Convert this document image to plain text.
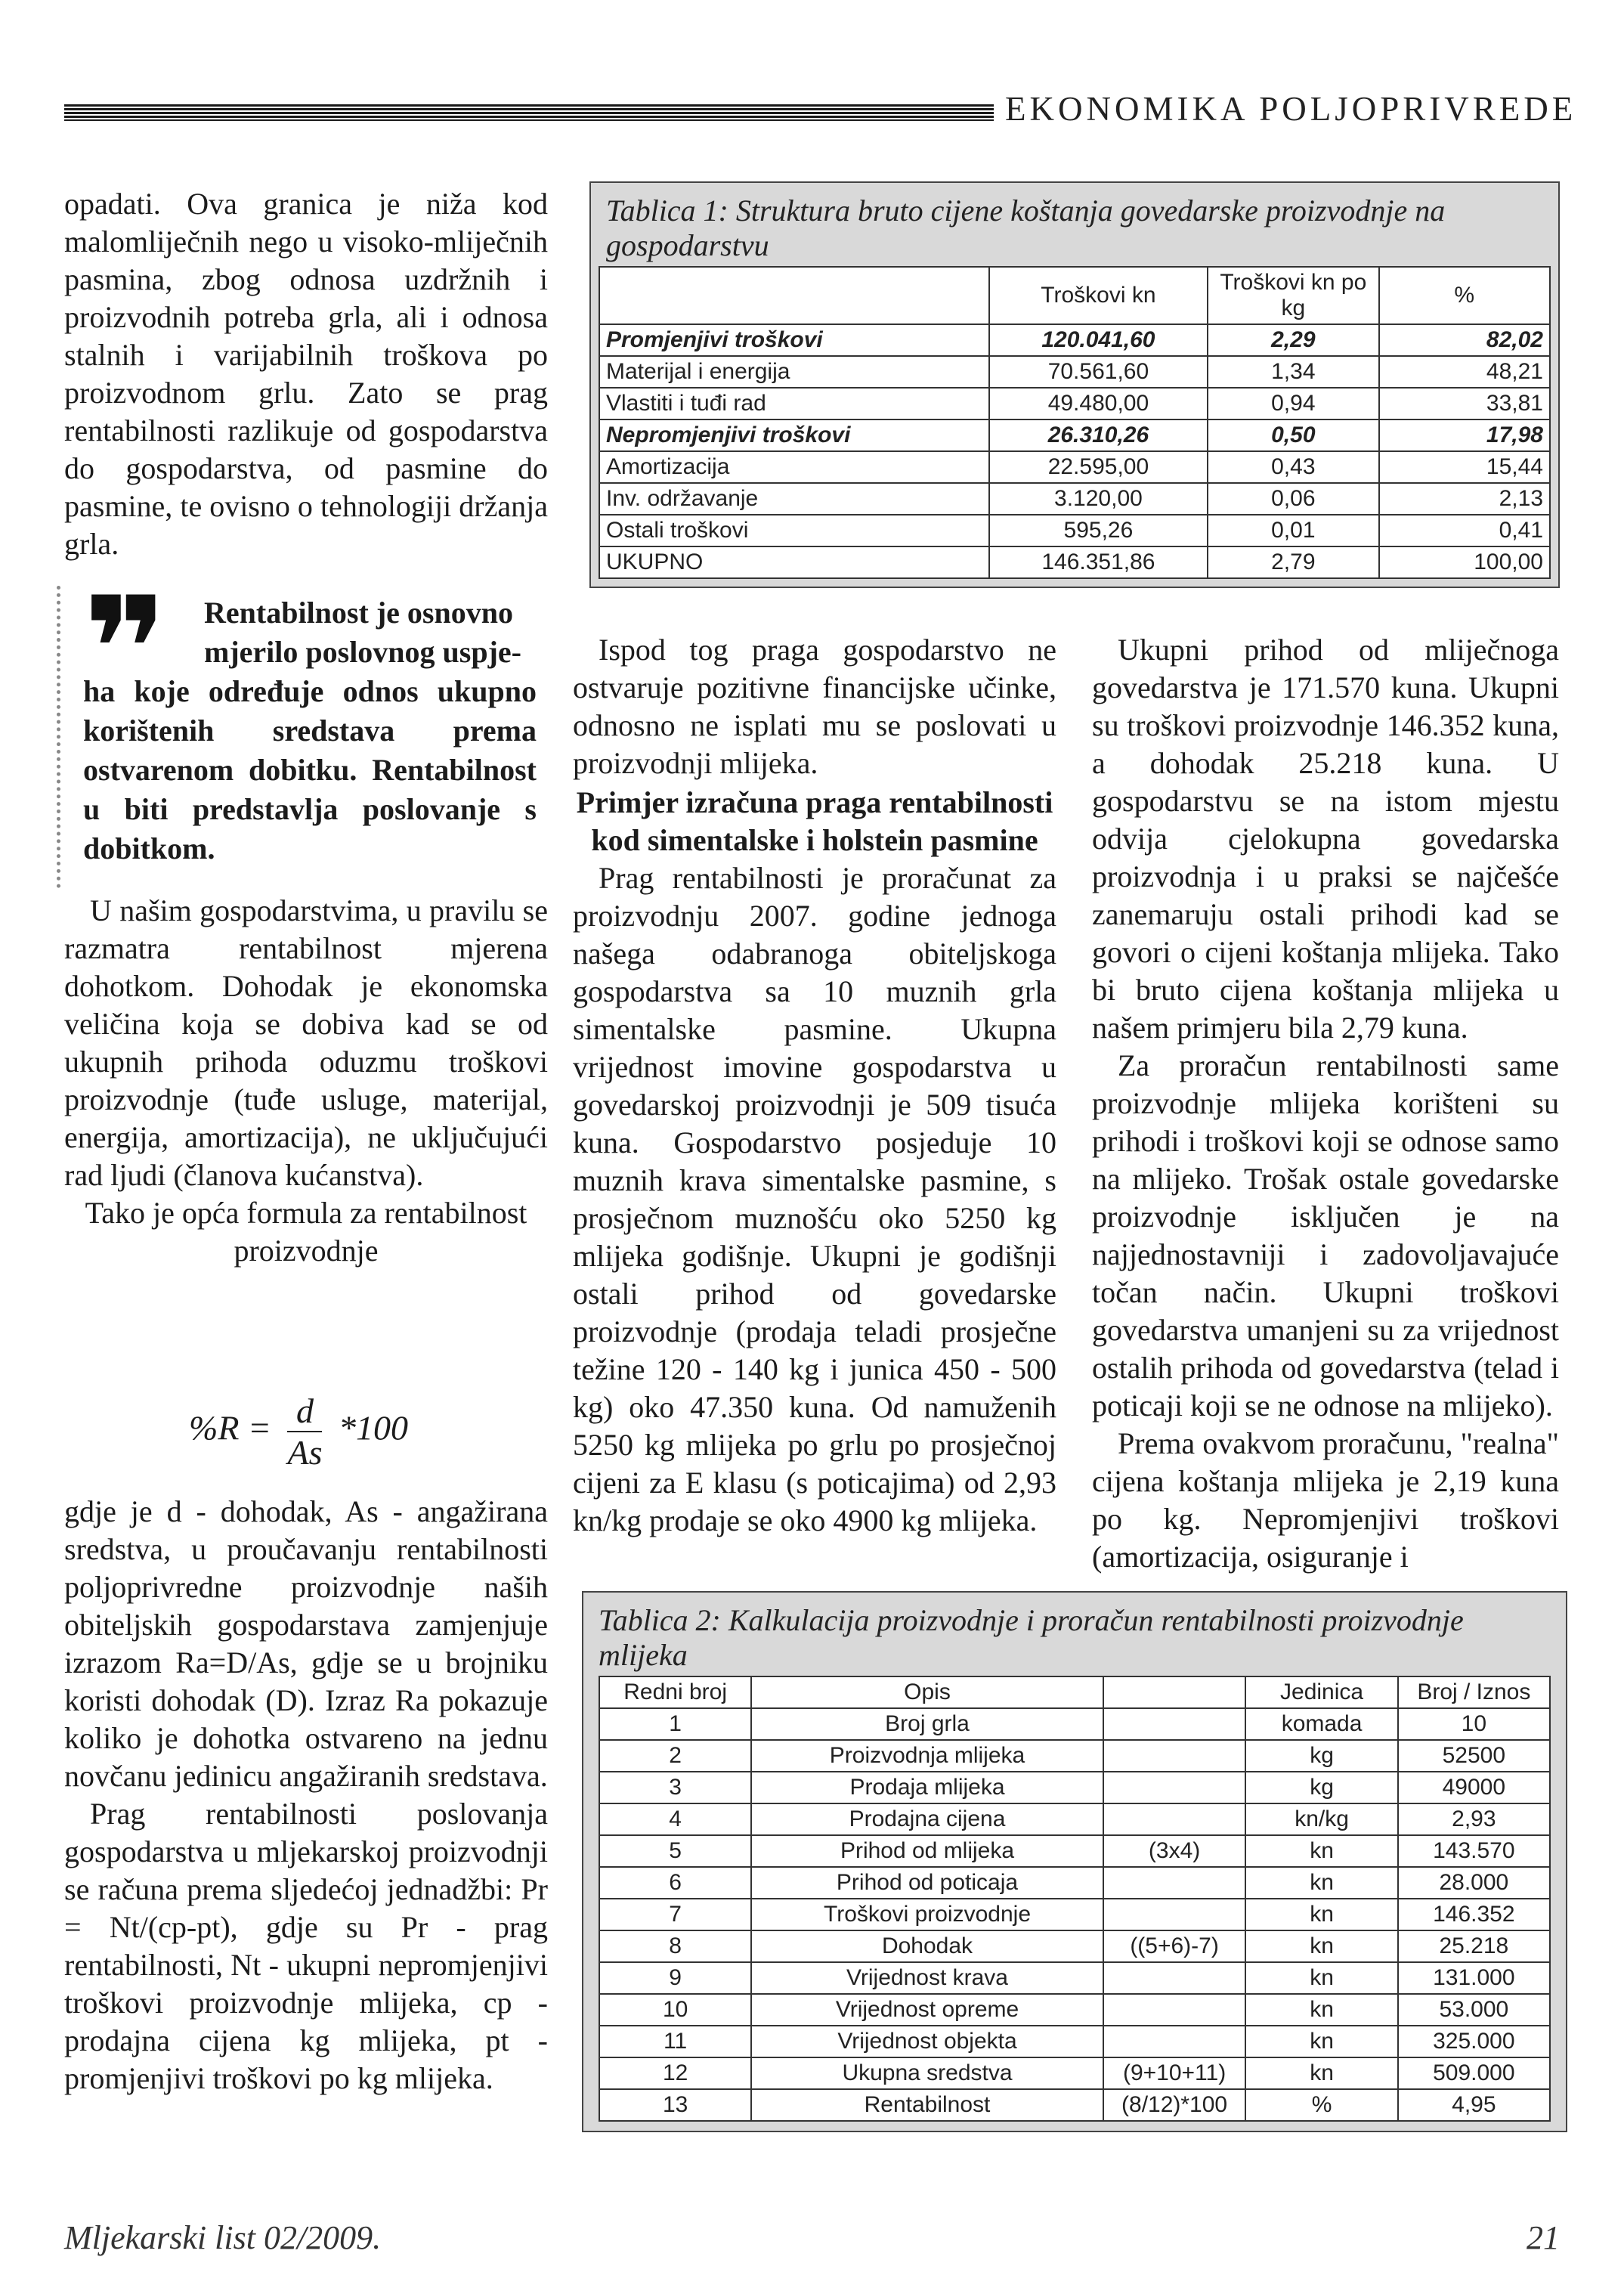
EKONOMIKA POLJOPRIVREDE

opadati. Ova granica je niža kod malomliječnih nego u visoko-mliječnih pasmina, zbog odnosa uzdržnih i proizvodnih potreba grla, ali i odnosa stalnih i varijabilnih troškova po proizvodnom grlu. Zato se prag rentabilnosti razlikuje od gospodarstva do gospodarstva, od pasmine do pasmine, te ovisno o tehnologiji držanja grla.

❞	Rentabilnost je osnovno mjerilo poslovnog uspje-
ha koje određuje odnos ukupno korištenih sredstava prema ostvarenom dobitku. Rentabilnost u biti predstavlja poslovanje s dobitkom.

U našim gospodarstvima, u pravilu se razmatra rentabilnost mjerena dohotkom. Dohodak je ekonomska veličina koja se dobiva kad se od ukupnih prihoda oduzmu troškovi proizvodnje (tuđe usluge, materijal, energija, amortizacija), ne uključujući rad ljudi (članova kućanstva).

Tako je opća formula za rentabilnost proizvodnje

$\%R = \frac{d}{As} *100$

gdje je d - dohodak, As - angažirana sredstva, u proučavanju rentabilnosti poljoprivredne proizvodnje naših obiteljskih gospodarstava zamjenjuje izrazom Ra=D/As, gdje se u brojniku koristi dohodak (D). Izraz Ra pokazuje koliko je dohotka ostvareno na jednu novčanu jedinicu angažiranih sredstava.

Prag rentabilnosti poslovanja gospodarstva u mljekarskoj proizvodnji se računa prema sljedećoj jednadžbi: Pr = Nt/(cp-pt), gdje su Pr - prag rentabilnosti, Nt - ukupni nepromjenjivi troškovi proizvodnje mlijeka, cp - prodajna cijena kg mlijeka, pt - promjenjivi troškovi po kg mlijeka.

Tablica 1: Struktura bruto cijene koštanja govedarske proizvodnje na gospodarstvu
	Troškovi kn	Troškovi kn po kg	%
Promjenjivi troškovi	120.041,60	2,29	82,02
Materijal i energija	70.561,60	1,34	48,21
Vlastiti i tuđi rad	49.480,00	0,94	33,81
Nepromjenjivi troškovi	26.310,26	0,50	17,98
Amortizacija	22.595,00	0,43	15,44
Inv. održavanje	3.120,00	0,06	2,13
Ostali troškovi	595,26	0,01	0,41
UKUPNO	146.351,86	2,79	100,00

Ispod tog praga gospodarstvo ne ostvaruje pozitivne financijske učinke, odnosno ne isplati mu se poslovati u proizvodnji mlijeka.

Primjer izračuna praga rentabilnosti kod simentalske i holstein pasmine

Prag rentabilnosti je proračunat za proizvodnju 2007. godine jednoga našega odabranoga obiteljskoga gospodarstva sa 10 muznih grla simentalske pasmine. Ukupna vrijednost imovine gospodarstva u govedarskoj proizvodnji je 509 tisuća kuna. Gospodarstvo posjeduje 10 muznih krava simentalske pasmine, s prosječnom muznošću oko 5250 kg mlijeka godišnje. Ukupni je godišnji ostali prihod od govedarske proizvodnje (prodaja teladi prosječne težine 120 - 140 kg i junica 450 - 500 kg) oko 47.350 kuna. Od namuženih 5250 kg mlijeka po grlu po prosječnoj cijeni za E klasu (s poticajima) od 2,93 kn/kg prodaje se oko 4900 kg mlijeka.

Ukupni prihod od mliječnoga govedarstva je 171.570 kuna. Ukupni su troškovi proizvodnje 146.352 kuna, a dohodak 25.218 kuna. U gospodarstvu se na istom mjestu odvija cjelokupna govedarska proizvodnja i u praksi se najčešće zanemaruju ostali prihodi kad se govori o cijeni koštanja mlijeka. Tako bi bruto cijena koštanja mlijeka u našem primjeru bila 2,79 kuna.

Za proračun rentabilnosti same proizvodnje mlijeka korišteni su prihodi i troškovi koji se odnose samo na mlijeko. Trošak ostale govedarske proizvodnje isključen je na najjednostavniji i zadovoljavajuće točan način. Ukupni troškovi govedarstva umanjeni su za vrijednost ostalih prihoda od govedarstva (telad i poticaji koji se ne odnose na mlijeko).

Prema ovakvom proračunu, "realna" cijena koštanja mlijeka je 2,19 kuna po kg. Nepromjenjivi troškovi (amortizacija, osiguranje i

Tablica 2: Kalkulacija proizvodnje i proračun rentabilnosti proizvodnje mlijeka
Redni broj	Opis		Jedinica	Broj / Iznos
1	Broj grla		komada	10
2	Proizvodnja mlijeka		kg	52500
3	Prodaja mlijeka		kg	49000
4	Prodajna cijena		kn/kg	2,93
5	Prihod od mlijeka	(3x4)	kn	143.570
6	Prihod od poticaja		kn	28.000
7	Troškovi proizvodnje		kn	146.352
8	Dohodak	((5+6)-7)	kn	25.218
9	Vrijednost krava		kn	131.000
10	Vrijednost opreme		kn	53.000
11	Vrijednost objekta		kn	325.000
12	Ukupna sredstva	(9+10+11)	kn	509.000
13	Rentabilnost	(8/12)*100	%	4,95
Mljekarski list 02/2009.	21
